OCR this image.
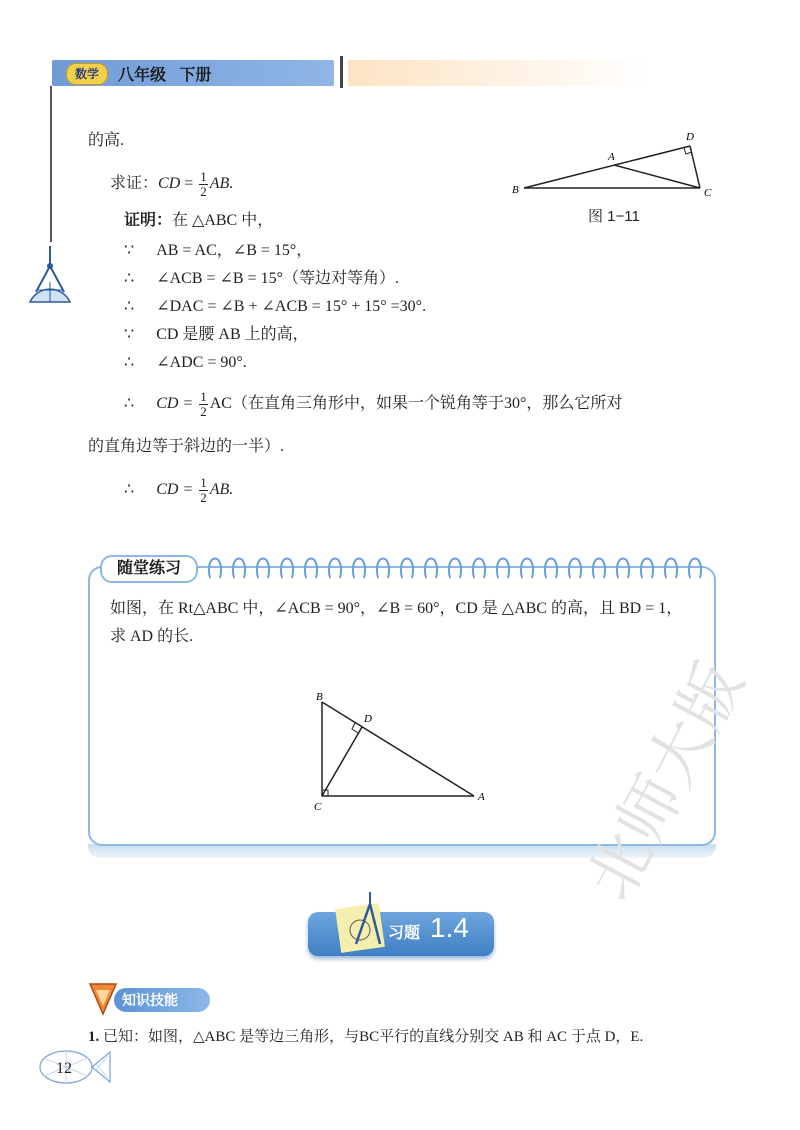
数学	八年级 下册
的高.
求证：CD = $\frac{1}{2}$ AB.
证明：在 △ABC 中，
∵ AB = AC，∠B = 15°，
∴ ∠ACB = ∠B = 15°（等边对等角）.
∴ ∠DAC = ∠B + ∠ACB = 15° + 15° =30°.
∵ CD 是腰 AB 上的高，
∴ ∠ADC = 90°.
∴ CD = $\frac{1}{2} AC$（在直角三角形中，如果一个锐角等于30°，那么它所对
的直角边等于斜边的一半）.
∴ CD = $\frac{1}{2}$ AB.
B
A
D
C
图 1−11
随堂练习
如图，在 Rt△ABC 中，∠ACB = 90°，∠B = 60°，CD 是 △ABC 的高，且 BD = 1，
求 AD 的长.
B
D
C
A
习题 1.4
知识技能
1. 已知：如图，△ABC 是等边三角形，与BC平行的直线分别交 AB 和 AC 于点 D，E.
12
北师大版
